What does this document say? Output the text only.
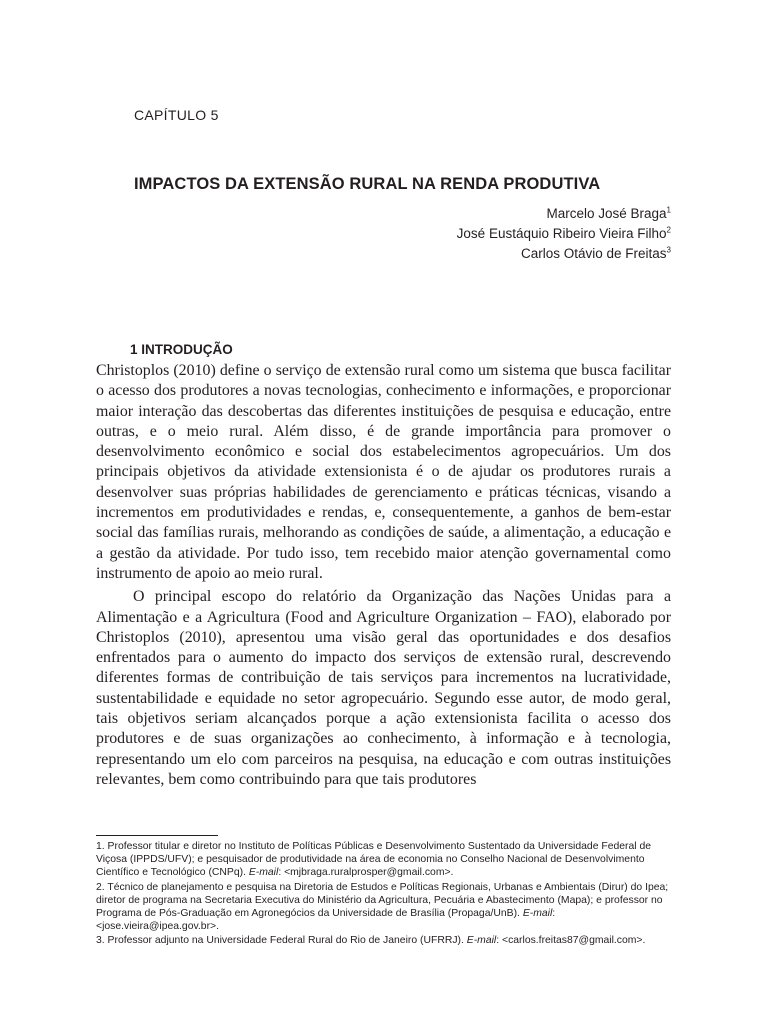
CAPÍTULO 5
IMPACTOS DA EXTENSÃO RURAL NA RENDA PRODUTIVA
Marcelo José Braga$^1$
José Eustáquio Ribeiro Vieira Filho$^2$
Carlos Otávio de Freitas$^3$
1 INTRODUÇÃO

Christoplos (2010) define o serviço de extensão rural como um sistema que busca facilitar o acesso dos produtores a novas tecnologias, conhecimento e informações, e proporcionar maior interação das descobertas das diferentes instituições de pesquisa e educação, entre outras, e o meio rural. Além disso, é de grande importância para promover o desenvolvimento econômico e social dos estabelecimentos agropecuários. Um dos principais objetivos da atividade extensionista é o de ajudar os produtores rurais a desenvolver suas próprias habilidades de gerenciamento e práticas técnicas, visando a incrementos em produtividades e rendas, e, consequentemente, a ganhos de bem-estar social das famílias rurais, melhorando as condições de saúde, a alimentação, a educação e a gestão da atividade. Por tudo isso, tem recebido maior atenção governamental como instrumento de apoio ao meio rural.

O principal escopo do relatório da Organização das Nações Unidas para a Alimentação e a Agricultura (Food and Agriculture Organization – FAO), elaborado por Christoplos (2010), apresentou uma visão geral das oportunidades e dos desafios enfrentados para o aumento do impacto dos serviços de extensão rural, descrevendo diferentes formas de contribuição de tais serviços para incrementos na lucratividade, sustentabilidade e equidade no setor agropecuário. Segundo esse autor, de modo geral, tais objetivos seriam alcançados porque a ação extensionista facilita o acesso dos produtores e de suas organizações ao conhecimento, à informação e à tecnologia, representando um elo com parceiros na pesquisa, na educação e com outras instituições relevantes, bem como contribuindo para que tais produtores

1. Professor titular e diretor no Instituto de Políticas Públicas e Desenvolvimento Sustentado da Universidade Federal de Viçosa (IPPDS/UFV); e pesquisador de produtividade na área de economia no Conselho Nacional de Desenvolvimento Científico e Tecnológico (CNPq). E-mail: <mjbraga.ruralprosper@gmail.com>.

2. Técnico de planejamento e pesquisa na Diretoria de Estudos e Políticas Regionais, Urbanas e Ambientais (Dirur) do Ipea; diretor de programa na Secretaria Executiva do Ministério da Agricultura, Pecuária e Abastecimento (Mapa); e professor no Programa de Pós-Graduação em Agronegócios da Universidade de Brasília (Propaga/UnB). E-mail: <jose.vieira@ipea.gov.br>.

3. Professor adjunto na Universidade Federal Rural do Rio de Janeiro (UFRRJ). E-mail: <carlos.freitas87@gmail.com>.
